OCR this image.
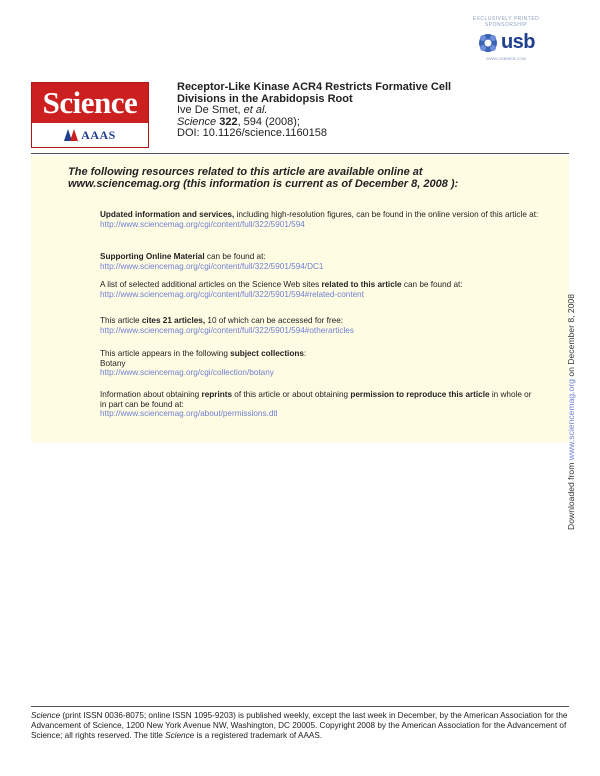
EXCLUSIVELY PRINTED
SPONSORSHIP
usb
WWW.USBWEB.COM
Science
AAAS
Receptor-Like Kinase ACR4 Restricts Formative Cell
Divisions in the Arabidopsis Root
Ive De Smet, et al.
Science 322, 594 (2008);
DOI: 10.1126/science.1160158
The following resources related to this article are available online at
www.sciencemag.org (this information is current as of December 8, 2008 ):
Updated information and services, including high-resolution figures, can be found in the online version of this article at:
http://www.sciencemag.org/cgi/content/full/322/5901/594
Supporting Online Material can be found at:
http://www.sciencemag.org/cgi/content/full/322/5901/594/DC1
A list of selected additional articles on the Science Web sites related to this article can be found at:
http://www.sciencemag.org/cgi/content/full/322/5901/594#related-content
This article cites 21 articles, 10 of which can be accessed for free:
http://www.sciencemag.org/cgi/content/full/322/5901/594#otherarticles
This article appears in the following subject collections:
Botany
http://www.sciencemag.org/cgi/collection/botany
Information about obtaining reprints of this article or about obtaining permission to reproduce this article in whole or in part can be found at:
http://www.sciencemag.org/about/permissions.dtl
Downloaded from www.sciencemag.org on December 8, 2008
Science (print ISSN 0036-8075; online ISSN 1095-9203) is published weekly, except the last week in December, by the American Association for the Advancement of Science, 1200 New York Avenue NW, Washington, DC 20005. Copyright 2008 by the American Association for the Advancement of Science; all rights reserved. The title Science is a registered trademark of AAAS.
